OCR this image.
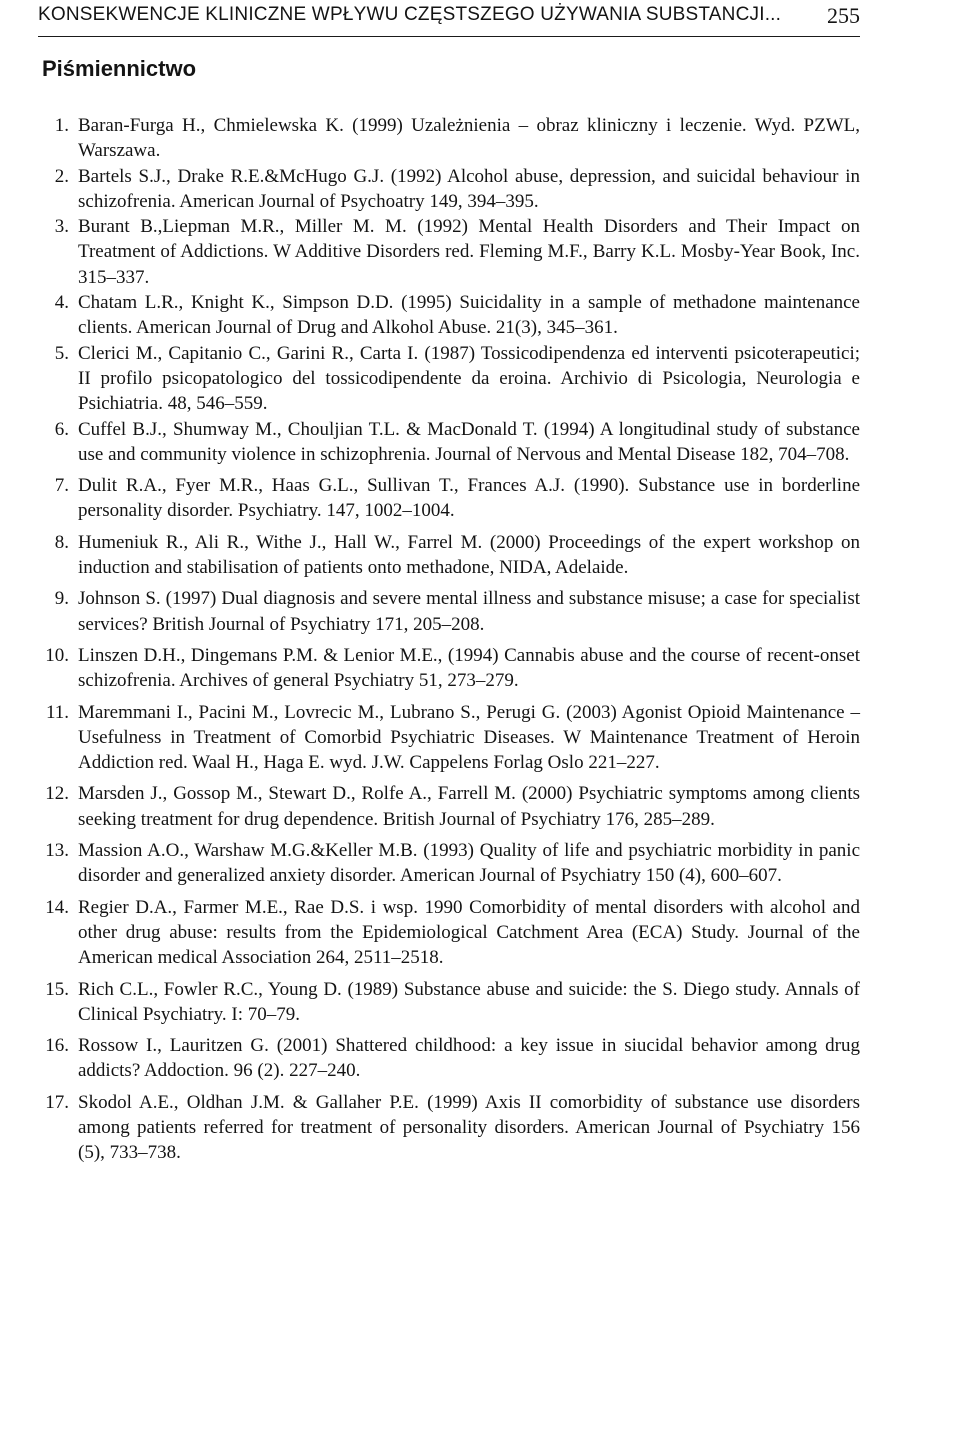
KONSEKWENCJE KLINICZNE WPŁYWU CZĘSTSZEGO UŻYWANIA SUBSTANCJI... 255
Piśmiennictwo
1. Baran-Furga H., Chmielewska K. (1999) Uzależnienia – obraz kliniczny i leczenie. Wyd. PZWL, Warszawa.
2. Bartels S.J., Drake R.E.&McHugo G.J. (1992) Alcohol abuse, depression, and suicidal behaviour in schizofrenia. American Journal of Psychoatry 149, 394–395.
3. Burant B.,Liepman M.R., Miller M. M. (1992) Mental Health Disorders and Their Impact on Treatment of Addictions. W Additive Disorders red. Fleming M.F., Barry K.L. Mosby-Year Book, Inc. 315–337.
4. Chatam L.R., Knight K., Simpson D.D. (1995) Suicidality in a sample of methadone maintenance clients. American Journal of Drug and Alkohol Abuse. 21(3), 345–361.
5. Clerici M., Capitanio C., Garini R., Carta I. (1987) Tossicodipendenza ed interventi psicoterapeutici; II profilo psicopatologico del tossicodipendente da eroina. Archivio di Psicologia, Neurologia e Psichiatria. 48, 546–559.
6. Cuffel B.J., Shumway M., Chouljian T.L. & MacDonald T. (1994) A longitudinal study of substance use and community violence in schizophrenia. Journal of Nervous and Mental Disease 182, 704–708.
7. Dulit R.A., Fyer M.R., Haas G.L., Sullivan T., Frances A.J. (1990). Substance use in borderline personality disorder. Psychiatry. 147, 1002–1004.
8. Humeniuk R., Ali R., Withe J., Hall W., Farrel M. (2000) Proceedings of the expert workshop on induction and stabilisation of patients onto methadone, NIDA, Adelaide.
9. Johnson S. (1997) Dual diagnosis and severe mental illness and substance misuse; a case for specialist services? British Journal of Psychiatry 171, 205–208.
10. Linszen D.H., Dingemans P.M. & Lenior M.E., (1994) Cannabis abuse and the course of recent-onset schizofrenia. Archives of general Psychiatry 51, 273–279.
11. Maremmani I., Pacini M., Lovrecic M., Lubrano S., Perugi G. (2003) Agonist Opioid Maintenance –Usefulness in Treatment of Comorbid Psychiatric Diseases. W Maintenance Treatment of Heroin Addiction red. Waal H., Haga E. wyd. J.W. Cappelens Forlag Oslo 221–227.
12. Marsden J., Gossop M., Stewart D., Rolfe A., Farrell M. (2000) Psychiatric symptoms among clients seeking treatment for drug dependence. British Journal of Psychiatry 176, 285–289.
13. Massion A.O., Warshaw M.G.&Keller M.B. (1993) Quality of life and psychiatric morbidity in panic disorder and generalized anxiety disorder. American Journal of Psychiatry 150 (4), 600–607.
14. Regier D.A., Farmer M.E., Rae D.S. i wsp. 1990 Comorbidity of mental disorders with alcohol and other drug abuse: results from the Epidemiological Catchment Area (ECA) Study. Journal of the American medical Association 264, 2511–2518.
15. Rich C.L., Fowler R.C., Young D. (1989) Substance abuse and suicide: the S. Diego study. Annals of Clinical Psychiatry. I: 70–79.
16. Rossow I., Lauritzen G. (2001) Shattered childhood: a key issue in siucidal behavior among drug addicts? Addoction. 96 (2). 227–240.
17. Skodol A.E., Oldhan J.M. & Gallaher P.E. (1999) Axis II comorbidity of substance use disorders among patients referred for treatment of personality disorders. American Journal of Psychiatry 156 (5), 733–738.
